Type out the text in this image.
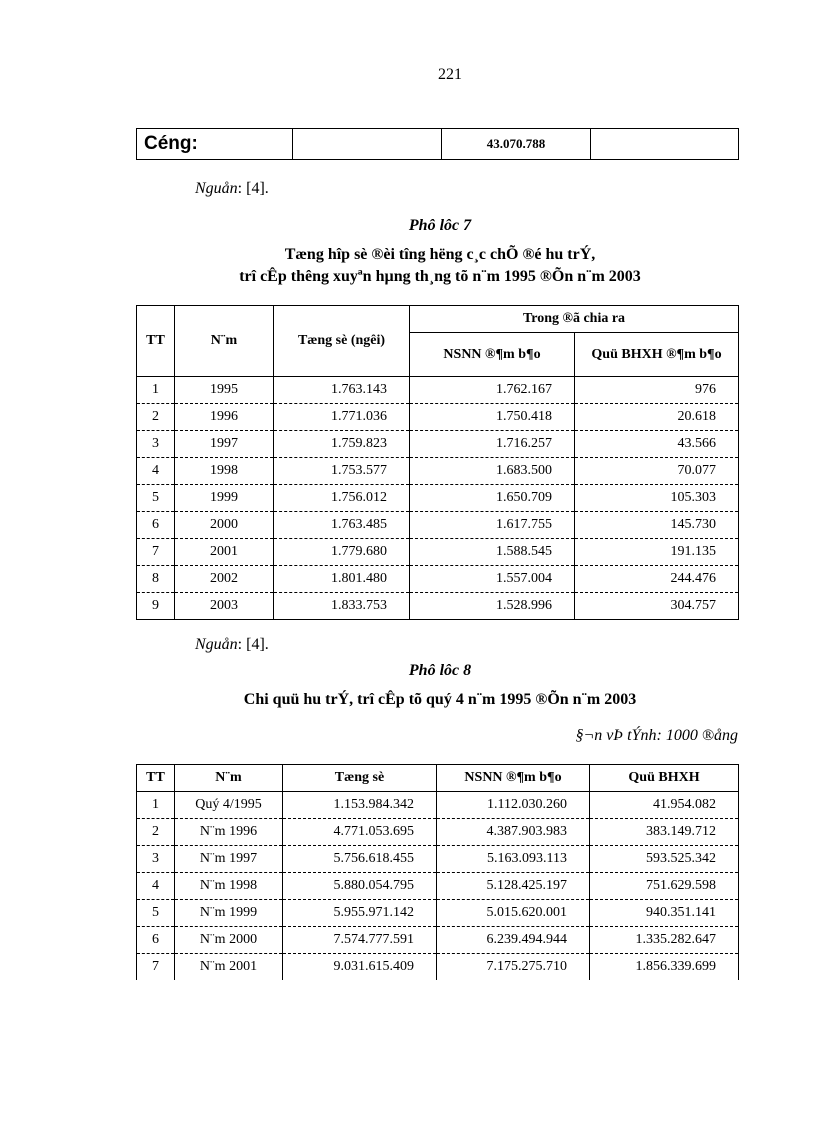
221
Céng:		43.070.788	
Nguån: [4].
Phô lôc 7
Tæng hîp sè ®èi tîng hëng c¸c chÕ ®é hu trÝ,
trî cÊp thêng xuyªn hµng th¸ng tõ n¨m 1995 ®Õn n¨m 2003
TT	N¨m	Tæng sè (ngêi)	Trong ®ã chia ra	
			NSNN ®¶m b¶o	Quü BHXH ®¶m b¶o
1	1995	1.763.143	1.762.167	976
2	1996	1.771.036	1.750.418	20.618
3	1997	1.759.823	1.716.257	43.566
4	1998	1.753.577	1.683.500	70.077
5	1999	1.756.012	1.650.709	105.303
6	2000	1.763.485	1.617.755	145.730
7	2001	1.779.680	1.588.545	191.135
8	2002	1.801.480	1.557.004	244.476
9	2003	1.833.753	1.528.996	304.757
Nguån: [4].
Phô lôc 8
Chi quü hu trÝ, trî cÊp tõ quý 4 n¨m 1995 ®Õn n¨m 2003
§¬n vÞ tÝnh: 1000 ®ång
TT	N¨m	Tæng sè	NSNN ®¶m b¶o	Quü BHXH
1	Quý 4/1995	1.153.984.342	1.112.030.260	41.954.082
2	N¨m 1996	4.771.053.695	4.387.903.983	383.149.712
3	N¨m 1997	5.756.618.455	5.163.093.113	593.525.342
4	N¨m 1998	5.880.054.795	5.128.425.197	751.629.598
5	N¨m 1999	5.955.971.142	5.015.620.001	940.351.141
6	N¨m 2000	7.574.777.591	6.239.494.944	1.335.282.647
7	N¨m 2001	9.031.615.409	7.175.275.710	1.856.339.699
